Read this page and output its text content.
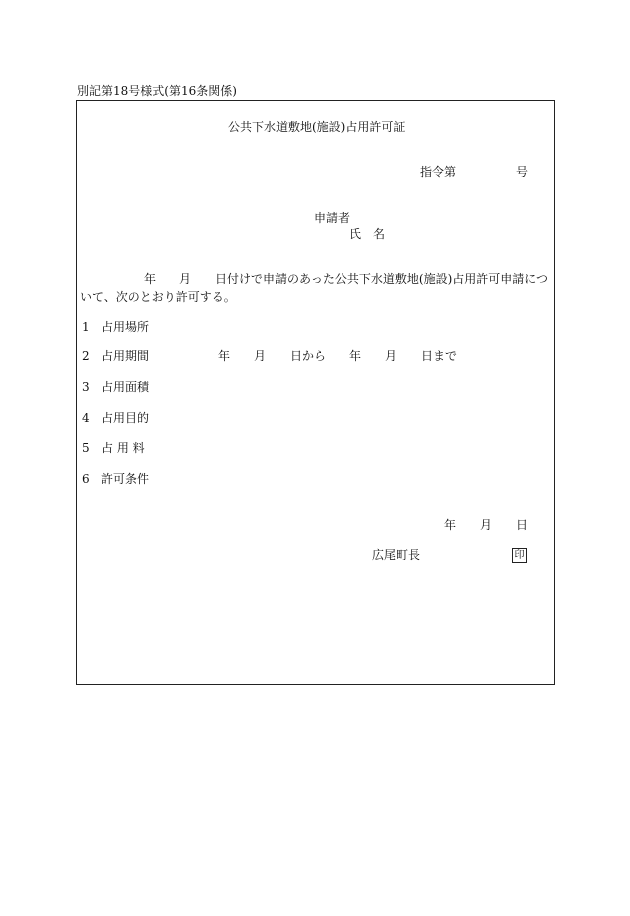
別記第18号様式(第16条関係)
公共下水道敷地(施設)占用許可証
指令第	号
申請者
氏　名
年 月 日付けで申請のあった公共下水道敷地(施設)占用許可申請につ
いて、次のとおり許可する。
1 占用場所
2 占用期間
3 占用面積
4 占用目的
5 占 用 料
6 許可条件
年 月 日から 年 月 日まで
年 月 日
広尾町長	印
